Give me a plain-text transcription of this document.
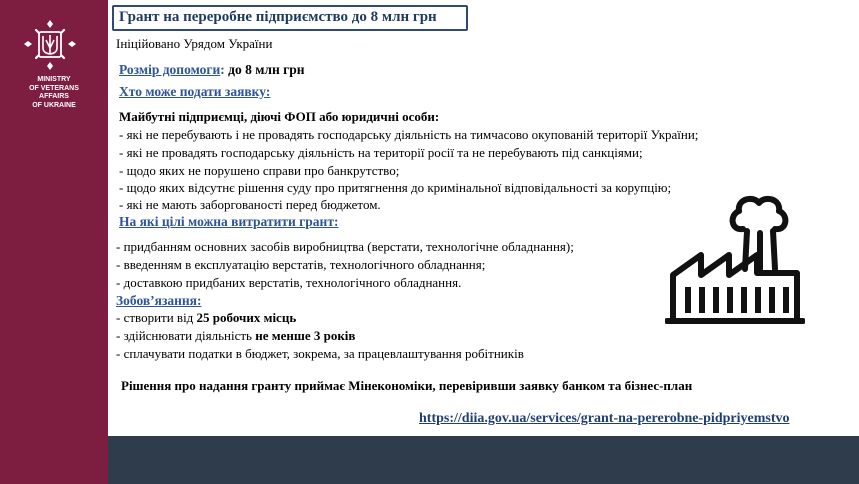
MINISTRY
OF VETERANS
AFFAIRS
OF UKRAINE
Грант на переробне підприємство до 8 млн грн
Ініційовано Урядом України
Розмір допомоги: до 8 млн грн
Хто може подати заявку:
Майбутні підприємці, діючі ФОП або юридичні особи:
- які не перебувають і не провадять господарську діяльність на тимчасово окупованій території України;
- які не провадять господарську діяльність на території росії та не перебувають під санкціями;
- щодо яких не порушено справи про банкрутство;
- щодо яких відсутнє рішення суду про притягнення до кримінальної відповідальності за корупцію;
- які не мають заборгованості перед бюджетом.
На які цілі можна витратити грант:
- придбанням основних засобів виробництва (верстати, технологічне обладнання);
- введенням в експлуатацію верстатів, технологічного обладнання;
- доставкою придбаних верстатів, технологічного обладнання.
Зобов’язання:
- створити від 25 робочих місць
- здійснювати діяльність не менше 3 років
- сплачувати податки в бюджет, зокрема, за працевлаштування робітників
Рішення про надання гранту приймає Мінекономіки, перевіривши заявку банком та бізнес-план
https://diia.gov.ua/services/grant-na-pererobne-pidpriyemstvo
